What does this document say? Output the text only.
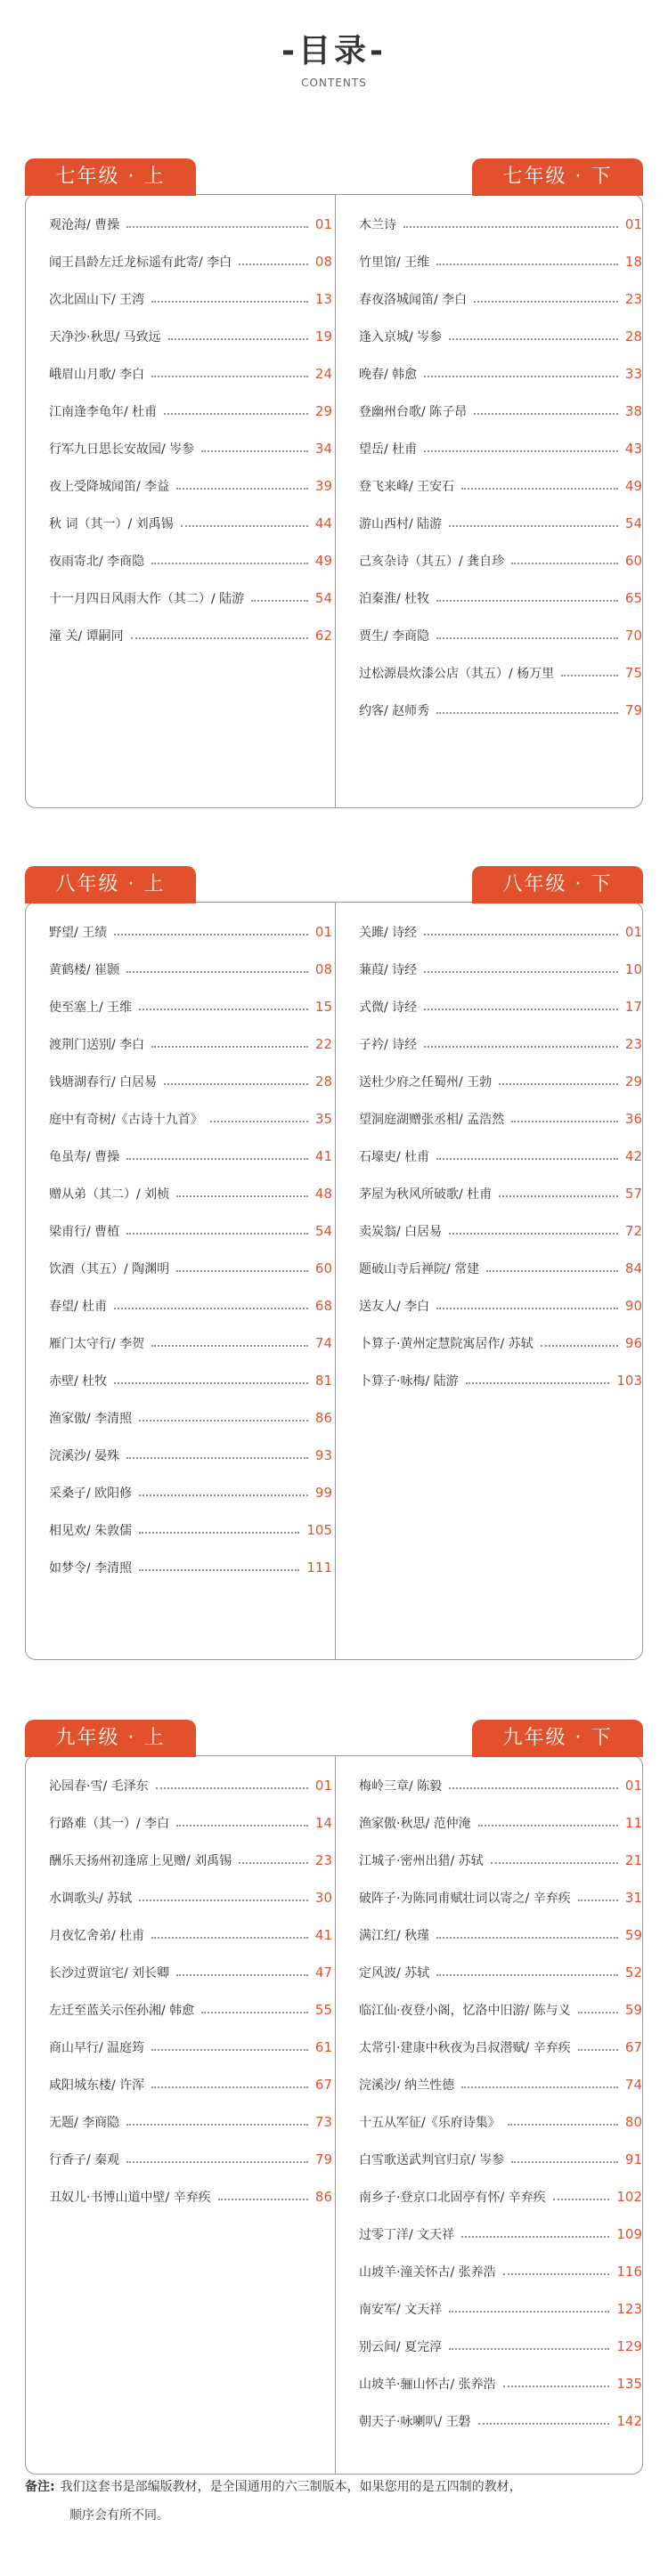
-目录-
CONTENTS
观沧海/ 曹操	01
闻王昌龄左迁龙标遥有此寄/ 李白	08
次北固山下/ 王湾	13
天净沙·秋思/ 马致远	19
峨眉山月歌/ 李白	24
江南逢李龟年/ 杜甫	29
行军九日思长安故园/ 岑参	34
夜上受降城闻笛/ 李益	39
秋 词（其一）/ 刘禹锡	44
夜雨寄北/ 李商隐	49
十一月四日风雨大作（其二）/ 陆游	54
潼 关/ 谭嗣同	62
木兰诗	01
竹里馆/ 王维	18
春夜洛城闻笛/ 李白	23
逢入京城/ 岑参	28
晚春/ 韩愈	33
登幽州台歌/ 陈子昂	38
望岳/ 杜甫	43
登飞来峰/ 王安石	49
游山西村/ 陆游	54
己亥杂诗（其五）/ 龚自珍	60
泊秦淮/ 杜牧	65
贾生/ 李商隐	70
过松源晨炊漆公店（其五）/ 杨万里	75
约客/ 赵师秀	79
七年级 · 上	七年级 · 下
野望/ 王绩	01
黄鹤楼/ 崔颢	08
使至塞上/ 王维	15
渡荆门送别/ 李白	22
钱塘湖春行/ 白居易	28
庭中有奇树/《古诗十九首》	35
龟虽寿/ 曹操	41
赠从弟（其二）/ 刘桢	48
梁甫行/ 曹植	54
饮酒（其五）/ 陶渊明	60
春望/ 杜甫	68
雁门太守行/ 李贺	74
赤壁/ 杜牧	81
渔家傲/ 李清照	86
浣溪沙/ 晏殊	93
采桑子/ 欧阳修	99
相见欢/ 朱敦儒	105
如梦令/ 李清照	111
关雎/ 诗经	01
蒹葭/ 诗经	10
式微/ 诗经	17
子衿/ 诗经	23
送杜少府之任蜀州/ 王勃	29
望洞庭湖赠张丞相/ 孟浩然	36
石壕吏/ 杜甫	42
茅屋为秋风所破歌/ 杜甫	57
卖炭翁/ 白居易	72
题破山寺后禅院/ 常建	84
送友人/ 李白	90
卜算子·黄州定慧院寓居作/ 苏轼	96
卜算子·咏梅/ 陆游	103
八年级 · 上	八年级 · 下
沁园春·雪/ 毛泽东	01
行路难（其一）/ 李白	14
酬乐天扬州初逢席上见赠/ 刘禹锡	23
水调歌头/ 苏轼	30
月夜忆舍弟/ 杜甫	41
长沙过贾谊宅/ 刘长卿	47
左迁至蓝关示侄孙湘/ 韩愈	55
商山早行/ 温庭筠	61
咸阳城东楼/ 许浑	67
无题/ 李商隐	73
行香子/ 秦观	79
丑奴儿·书博山道中壁/ 辛弃疾	86
梅岭三章/ 陈毅	01
渔家傲·秋思/ 范仲淹	11
江城子·密州出猎/ 苏轼	21
破阵子·为陈同甫赋壮词以寄之/ 辛弃疾	31
满江红/ 秋瑾	59
定风波/ 苏轼	52
临江仙·夜登小阁，忆洛中旧游/ 陈与义	59
太常引·建康中秋夜为吕叔潜赋/ 辛弃疾	67
浣溪沙/ 纳兰性德	74
十五从军征/《乐府诗集》	80
白雪歌送武判官归京/ 岑参	91
南乡子·登京口北固亭有怀/ 辛弃疾	102
过零丁洋/ 文天祥	109
山坡羊·潼关怀古/ 张养浩	116
南安军/ 文天祥	123
别云间/ 夏完淳	129
山坡羊·骊山怀古/ 张养浩	135
朝天子·咏喇叭/ 王磐	142
九年级 · 上	九年级 · 下
备注: 我们这套书是部编版教材，是全国通用的六三制版本，如果您用的是五四制的教材，
顺序会有所不同。
